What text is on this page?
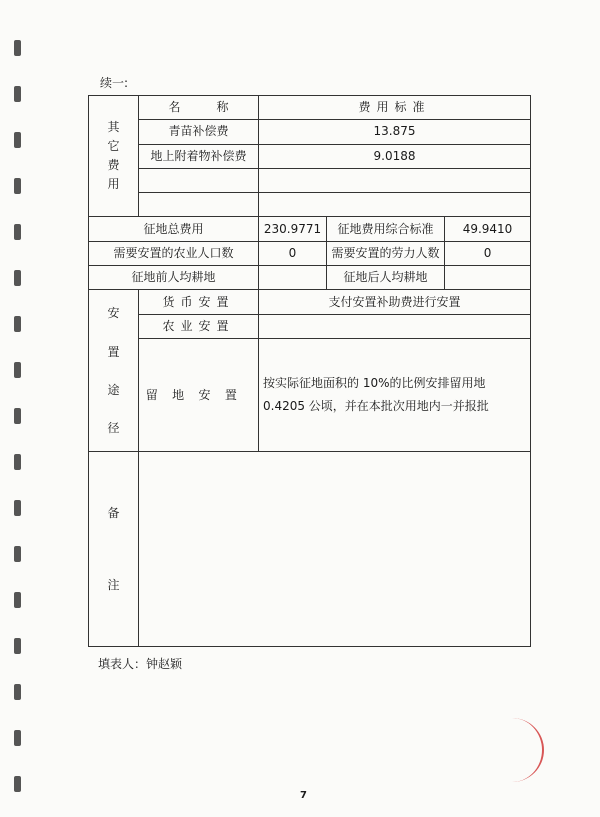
续一:
其
它
费
用	名　　　称	费用标准		
	青苗补偿费	13.875		
	地上附着物补偿费	9.0188		

征地总费用		230.9771	征地费用综合标准	49.9410
需要安置的农业人口数		0	需要安置的劳力人数	0
征地前人均耕地			征地后人均耕地	

安
置
途
径	货币安置	支付安置补助费进行安置		
	农业安置			
	留地安置	按实际征地面积的 10%的比例安排留用地 0.4205 公顷，并在本批次用地内一并报批		

备
注				

填表人：钟赵颖
7
